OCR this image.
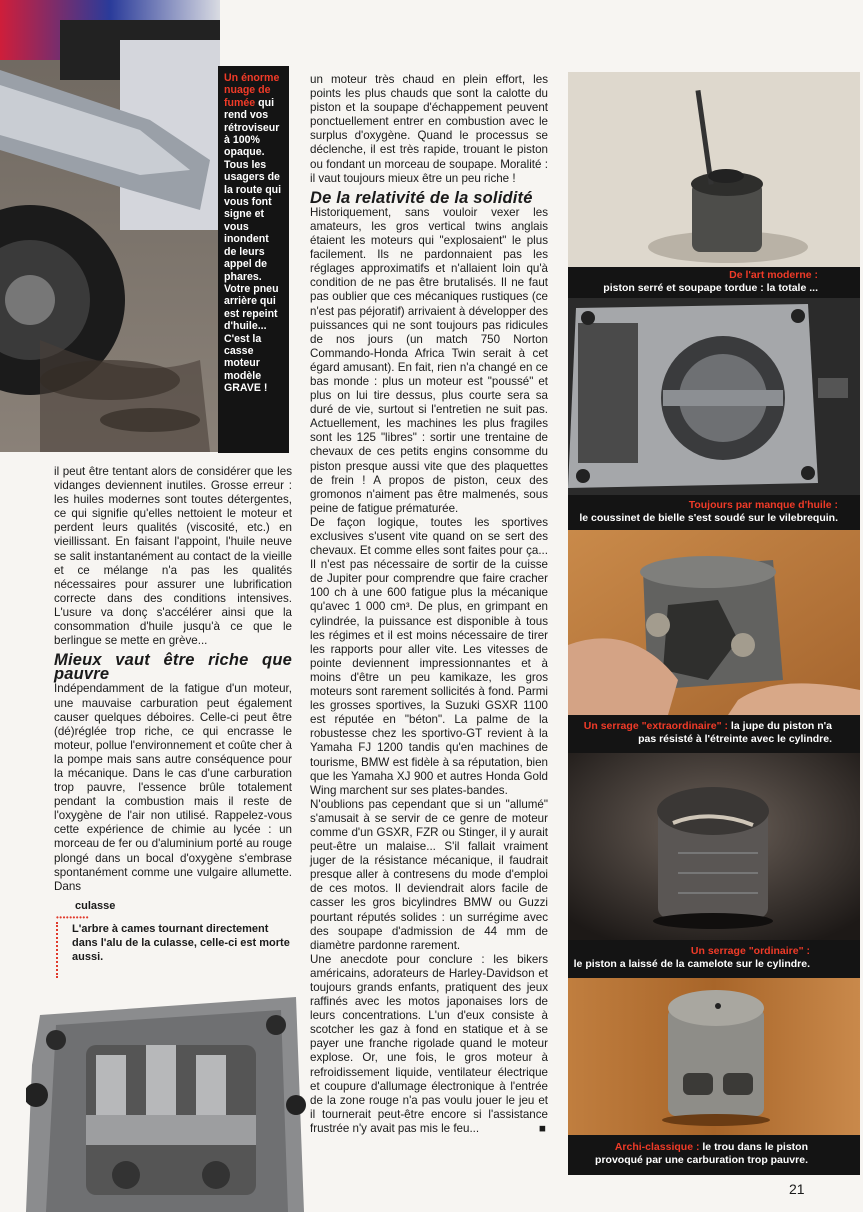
Un énorme nuage de fumée qui rend vos rétroviseur à 100% opaque. Tous les usagers de la route qui vous font signe et vous inondent de leurs appel de phares. Votre pneu arrière qui est repeint d'huile... C'est la casse moteur modèle GRAVE !

il peut être tentant alors de considérer que les vidanges deviennent inutiles. Grosse erreur : les huiles modernes sont toutes détergentes, ce qui signifie qu'elles nettoient le moteur et perdent leurs qualités (viscosité, etc.) en vieillissant. En faisant l'appoint, l'huile neuve se salit instantanément au contact de la vieille et ce mélange n'a pas les qualités nécessaires pour assurer une lubrification correcte dans des conditions intensives. L'usure va donç s'accélérer ainsi que la consommation d'huile jusqu'à ce que le berlingue se mette en grève...

Mieux vaut être riche que pauvre

Indépendamment de la fatigue d'un moteur, une mauvaise carburation peut également causer quelques déboires. Celle-ci peut être (dé)réglée trop riche, ce qui encrasse le moteur, pollue l'environnement et coûte cher à la pompe mais sans autre conséquence pour la mécanique. Dans le cas d'une carburation trop pauvre, l'essence brûle totalement pendant la combustion mais il reste de l'oxygène de l'air non utilisé. Rappelez-vous cette expérience de chimie au lycée : un morceau de fer ou d'aluminium porté au rouge plongé dans un bocal d'oxygène s'embrase spontanément comme une vulgaire allumette. Dans

culasse
••••••••••
L'arbre à cames tournant directement dans l'alu de la culasse, celle-ci est morte aussi.

un moteur très chaud en plein effort, les points les plus chauds que sont la calotte du piston et la soupape d'échappement peuvent ponctuellement entrer en combustion avec le surplus d'oxygène. Quand le processus se déclenche, il est très rapide, trouant le piston ou fondant un morceau de soupape. Moralité : il vaut toujours mieux être un peu riche !

De la relativité de la solidité

Historiquement, sans vouloir vexer les amateurs, les gros vertical twins anglais étaient les moteurs qui "explosaient" le plus facilement. Ils ne pardonnaient pas les réglages approximatifs et n'allaient loin qu'à condition de ne pas être brutalisés. Il ne faut pas oublier que ces mécaniques rustiques (ce n'est pas péjoratif) arrivaient à développer des puissances qui ne sont toujours pas ridicules de nos jours (un match 750 Norton Commando-Honda Africa Twin serait à cet égard amusant). En fait, rien n'a changé en ce bas monde : plus un moteur est "poussé" et plus on lui tire dessus, plus courte sera sa duré de vie, surtout si l'entretien ne suit pas. Actuellement, les machines les plus fragiles sont les 125 "libres" : sortir une trentaine de chevaux de ces petits engins consomme du piston presque aussi vite que des plaquettes de frein ! A propos de piston, ceux des gromonos n'aiment pas être malmenés, sous peine de fatigue prématurée.

De façon logique, toutes les sportives exclusives s'usent vite quand on se sert des chevaux. Et comme elles sont faites pour ça... Il n'est pas nécessaire de sortir de la cuisse de Jupiter pour comprendre que faire cracher 100 ch à une 600 fatigue plus la mécanique qu'avec 1 000 cm³. De plus, en grimpant en cylindrée, la puissance est disponible à tous les régimes et il est moins nécessaire de tirer les rapports pour aller vite. Les vitesses de pointe deviennent impressionnantes et à moins d'être un peu kamikaze, les gros moteurs sont rarement sollicités à fond. Parmi les grosses sportives, la Suzuki GSXR 1100 est réputée en "béton". La palme de la robustesse chez les sportivo-GT revient à la Yamaha FJ 1200 tandis qu'en machines de tourisme, BMW est fidèle à sa réputation, bien que les Yamaha XJ 900 et autres Honda Gold Wing marchent sur ses plates-bandes.

N'oublions pas cependant que si un "allumé" s'amusait à se servir de ce genre de moteur comme d'un GSXR, FZR ou Stinger, il y aurait peut-être un malaise... S'il fallait vraiment juger de la résistance mécanique, il faudrait presque aller à contresens du mode d'emploi de ces motos. Il deviendrait alors facile de casser les gros bicylindres BMW ou Guzzi pourtant réputés solides : un surrégime avec des soupape d'admission de 44 mm de diamètre pardonne rarement.

Une anecdote pour conclure : les bikers américains, adorateurs de Harley-Davidson et toujours grands enfants, pratiquent des jeux raffinés avec les motos japonaises lors de leurs concentrations. L'un d'eux consiste à scotcher les gaz à fond en statique et à se payer une franche rigolade quand le moteur explose. Or, une fois, le gros moteur à refroidissement liquide, ventilateur électrique et coupure d'allumage électronique à l'entrée de la zone rouge n'a pas voulu jouer le jeu et il tournerait peut-être encore si l'assistance frustrée n'y avait pas mis le feu...	■

De l'art moderne :
piston serré et soupape tordue : la totale ...
Toujours par manque d'huile :
le coussinet de bielle s'est soudé sur le vilebrequin.
Un serrage "extraordinaire" : la jupe du piston n'a pas résisté à l'étreinte avec le cylindre.
Un serrage "ordinaire" :
le piston a laissé de la camelote sur le cylindre.
Archi-classique : le trou dans le piston provoqué par une carburation trop pauvre.
21
